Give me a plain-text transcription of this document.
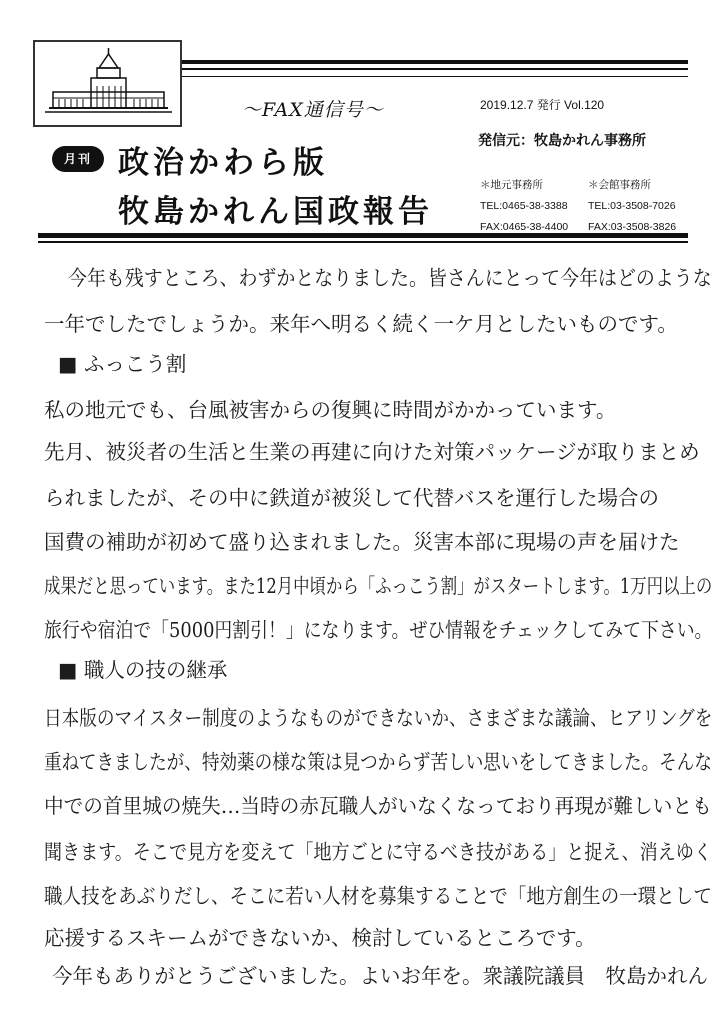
～FAX通信号～	2019.12.7 発行 Vol.120
発信元：牧島かれん事務所
月刊 政治かわら版
牧島かれん国政報告
＊地元事務所
TEL:0465-38-3388
FAX:0465-38-4400
＊会館事務所
TEL:03-3508-7026
FAX:03-3508-3826
今年も残すところ、わずかとなりました。皆さんにとって今年はどのような
一年でしたでしょうか。来年へ明るく続く一ケ月としたいものです。
■ ふっこう割
私の地元でも、台風被害からの復興に時間がかかっています。
先月、被災者の生活と生業の再建に向けた対策パッケージが取りまとめ
られましたが、その中に鉄道が被災して代替バスを運行した場合の
国費の補助が初めて盛り込まれました。災害本部に現場の声を届けた
成果だと思っています。また12月中頃から「ふっこう割」がスタートします。1万円以上の
旅行や宿泊で「5000円割引！」になります。ぜひ情報をチェックしてみて下さい。
■ 職人の技の継承
日本版のマイスター制度のようなものができないか、さまざまな議論、ヒアリングを
重ねてきましたが、特効薬の様な策は見つからず苦しい思いをしてきました。そんな
中での首里城の焼失…当時の赤瓦職人がいなくなっており再現が難しいとも
聞きます。そこで見方を変えて「地方ごとに守るべき技がある」と捉え、消えゆく
職人技をあぶりだし、そこに若い人材を募集することで「地方創生の一環として
応援するスキームができないか、検討しているところです。
今年もありがとうございました。よいお年を。衆議院議員　牧島かれん
